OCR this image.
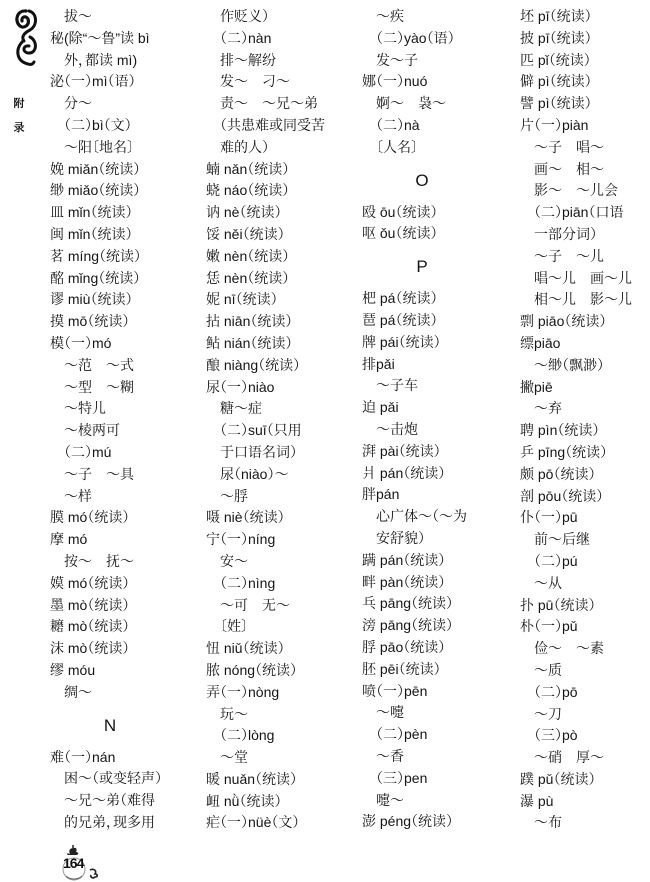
附
录
拔～
秘(除“～鲁”读 bì
外，都读 mì)
泌（一）mì（语）
分～
（二）bì（文）
～阳〔地名〕
娩 miǎn（统读）
缈 miǎo（统读）
皿 mǐn（统读）
闽 mǐn（统读）
茗 míng（统读）
酩 mǐng（统读）
谬 miù（统读）
摸 mō（统读）
模（一）mó
～范　～式
～型　～糊
～特儿
～棱两可
（二）mú
～子　～具
～样
膜 mó（统读）
摩 mó
按～　抚～
嫫 mó（统读）
墨 mò（统读）
耱 mò（统读）
沫 mò（统读）
缪 móu
绸～
N
难（一）nán
困～（或变轻声）
～兄～弟（难得
的兄弟，现多用
作贬义）
（二）nàn
排～解纷
发～　刁～
责～　～兄～弟
（共患难或同受苦
难的人）
蝻 nǎn（统读）
蛲 náo（统读）
讷 nè（统读）
馁 něi（统读）
嫩 nèn（统读）
恁 nèn（统读）
妮 nī（统读）
拈 niān（统读）
鲇 nián（统读）
酿 niàng（统读）
尿（一）niào
糖～症
（二）suī（只用
于口语名词）
尿（niào）～
～脬
嗫 niè（统读）
宁（一）níng
安～
（二）nìng
～可　无～
〔姓〕
忸 niǔ（统读）
脓 nóng（统读）
弄（一）nòng
玩～
（二）lòng
～堂
暖 nuǎn（统读）
衄 nǜ（统读）
疟（一）nüè（文）
～疾
（二）yào（语）
发～子
娜（一）nuó
婀～　袅～
（二）nà
〔人名〕
O
殴 ōu（统读）
呕 ǒu（统读）
P
杷 pá（统读）
琶 pá（统读）
牌 pái（统读）
排pǎi
～子车
迫 pǎi
～击炮
湃 pài（统读）
爿 pán（统读）
胖pán
心广体～（～为
安舒貌）
蹒 pán（统读）
畔 pàn（统读）
乓 pāng（统读）
滂 pāng（统读）
脬 pāo（统读）
胚 pēi（统读）
喷（一）pēn
～嚏
（二）pèn
～香
（三）pen
嚏～
澎 péng（统读）
坯 pī（统读）
披 pī（统读）
匹 pǐ（统读）
僻 pì（统读）
譬 pì（统读）
片（一）piàn
～子　唱～
画～　相～
影～　～儿会
（二）piān（口语
一部分词）
～子　～儿
唱～儿　画～儿
相～儿　影～儿
剽 piāo（统读）
缥piāo
～缈（飘渺）
撇piē
～弃
聘 pìn（统读）
乒 pīng（统读）
颇 pō（统读）
剖 pōu（统读）
仆（一）pū
前～后继
（二）pú
～从
扑 pū（统读）
朴（一）pǔ
俭～　～素
～质
（二）pō
～刀
（三）pò
～硝　厚～
蹼 pǔ（统读）
瀑 pù
～布
164
